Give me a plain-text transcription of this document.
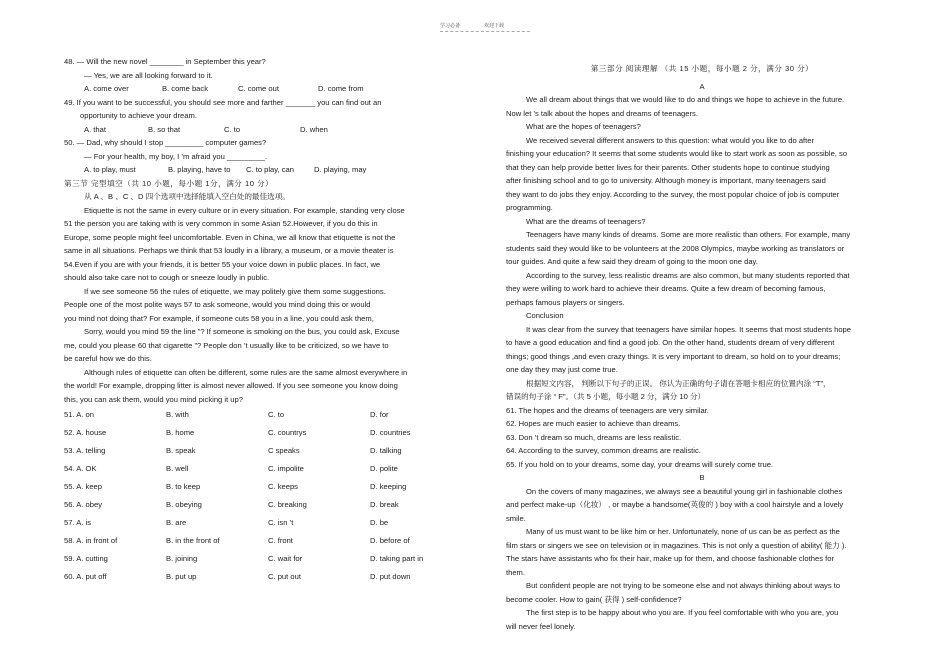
学习必备	欢迎下载
48. — Will the new novel ________ in September this year?
— Yes, we are all looking forward to it.
A. come over	B. come back	C. come out	D. come from
49. If you want to be successful, you should see more and farther _______ you can find out an
opportunity to achieve your dream.
A. that	B. so that	C. to	D. when
50. — Dad, why should I stop _________ computer games?
— For your health, my boy, I ’m afraid you _________.
A. to play, must	B. playing, have to	C. to play, can	D. playing, may
第三节 完型填空（共 10 小题，每小题 1分，满分 10 分）
从 A 、B 、C 、D 四个选项中选择能填入空白处的最佳选项。
Etiquette is not the same in every culture or in every situation. For example, standing very close
51 the person you are taking with is very common in some Asian 52.However, if you do this in
Europe, some people might feel uncomfortable. Even in China, we all know that etiquette is not the
same in all situations. Perhaps we think that 53 loudly in a library, a museum, or a movie theater is
54.Even if you are with your friends, it is better 55 your voice down in public places. In fact, we
should also take care not to cough or sneeze loudly in public.
If we see someone 56 the rules of etiquette, we may politely give them some suggestions.
People one of the most polite ways 57 to ask someone, would you mind doing this or would
you mind not doing that? For example, if someone cuts 58 you in a line, you could ask them,
Sorry, would you mind 59 the line ”? If someone is smoking on the bus, you could ask, Excuse
me, could you please 60 that cigarette ”? People don ’t usually like to be criticized, so we have to
be careful how we do this.
Although rules of etiquette can often be different, some rules are the same almost everywhere in
the world! For example, dropping litter is almost never allowed. If you see someone you know doing
this, you can ask them, would you mind picking it up?
51. A. on	B. with	C. to	D. for
52. A. house	B. home	C. countrys	D. countries
53. A. telling	B. speak	C speaks	D. talking
54. A. OK	B. well	C. impolite	D. polite
55. A. keep	B. to keep	C. keeps	D. keeping
56. A. obey	B. obeying	C. breaking	D. break
57. A. is	B. are	C. isn ’t	D. be
58. A. in front of	B. in the front of	C. front	D. before of
59. A. cutting	B. joining	C. wait for	D. taking part in
60. A. put off	B. put up	C. put out	D. put down
第三部分 阅读理解 （共 15 小题，每小题 2 分，满分 30 分）
A
We all dream about things that we would like to do and things we hope to achieve in the future.
Now let ’s talk about the hopes and dreams of teenagers.
What are the hopes of teenagers?
We received several different answers to this question: what would you like to do after
finishing your education? It seems that some students would like to start work as soon as possible, so
that they can help provide better lives for their parents. Other students hope to continue studying
after finishing school and to go to university. Although money is important, many teenagers said
they want to do jobs they enjoy. According to the survey, the most popular choice of job is computer
programming.
What are the dreams of teenagers?
Teenagers have many kinds of dreams. Some are more realistic than others. For example, many
students said they would like to be volunteers at the 2008 Olympics, maybe working as translators or
tour guides. And quite a few said they dream of going to the moon one day.
According to the survey, less realistic dreams are also common, but many students reported that
they were willing to work hard to achieve their dreams. Quite a few dream of becoming famous,
perhaps famous players or singers.
Conclusion
It was clear from the survey that teenagers have similar hopes. It seems that most students hope
to have a good education and find a good job. On the other hand, students dream of very different
things; good things ,and even crazy things. It is very important to dream, so hold on to your dreams;
one day they may just come true.
根据短文内容， 判断以下句子的正误。 你认为正确的句子请在答题卡相应的位置内涂 “T”，
错误的句子涂 “ F”。（共 5 小题，每小题 2 分，满分 10 分）
61. The hopes and the dreams of teenagers are very similar.
62. Hopes are much easier to achieve than dreams.
63. Don ’t dream so much, dreams are less realistic.
64. According to the survey, common dreams are realistic.
65. If you hold on to your dreams, some day, your dreams will surely come true.
B
On the covers of many magazines, we always see a beautiful young girl in fashionable clothes
and perfect make-up（化妆） , or maybe a handsome(英俊的 ) boy with a cool hairstyle and a lovely
smile.
Many of us must want to be like him or her. Unfortunately, none of us can be as perfect as the
film stars or singers we see on television or in magazines. This is not only a question of ability( 能力 ).
The stars have assistants who fix their hair, make up for them, and choose fashionable clothes for
them.
But confident people are not trying to be someone else and not always thinking about ways to
become cooler. How to gain( 获得 ) self-confidence?
The first step is to be happy about who you are. If you feel comfortable with who you are, you
will never feel lonely.
